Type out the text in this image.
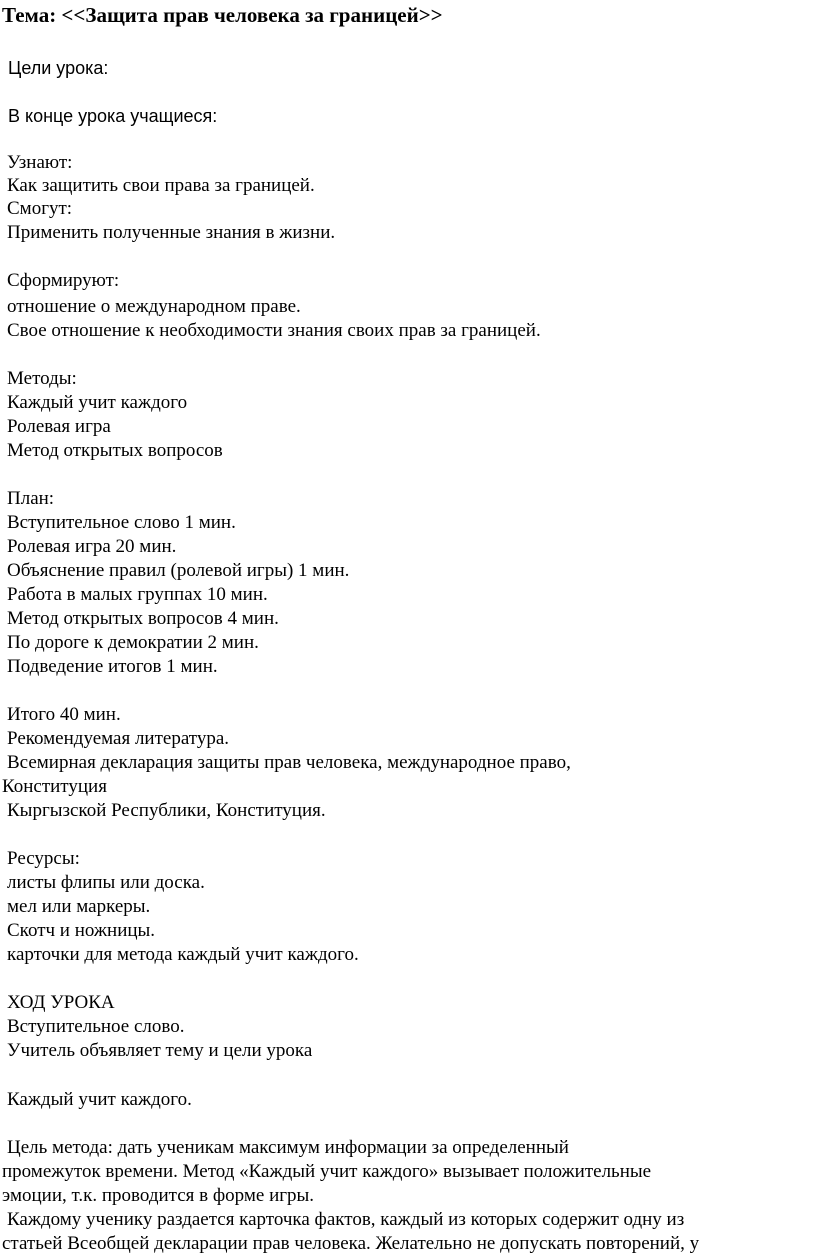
Тема: <<Защита прав человека за границей>>
Цели урока:
В конце урока учащиеся:
Узнают:
Как защитить свои права за границей.
Смогут:
Применить полученные знания в жизни.
Сформируют:
отношение о международном праве.
Свое отношение к необходимости знания своих прав за границей.
Методы:
Каждый учит каждого
Ролевая игра
Метод открытых вопросов
План:
Вступительное слово 1 мин.
Ролевая игра 20 мин.
Объяснение правил (ролевой игры) 1 мин.
Работа в малых группах 10 мин.
Метод открытых вопросов 4 мин.
По дороге к демократии 2 мин.
Подведение итогов 1 мин.
Итого 40 мин.
Рекомендуемая литература.
Всемирная декларация защиты прав человека, международное право,
Конституция
Кыргызской Республики, Конституция.
Ресурсы:
листы флипы или доска.
мел или маркеры.
Скотч и ножницы.
карточки для метода каждый учит каждого.
ХОД УРОКА
Вступительное слово.
Учитель объявляет тему и цели урока
Каждый учит каждого.
Цель метода: дать ученикам максимум информации за определенный
промежуток времени. Метод «Каждый учит каждого» вызывает положительные
эмоции, т.к. проводится в форме игры.
Каждому ученику раздается карточка фактов, каждый из которых содержит одну из
статьей Всеобщей декларации прав человека. Желательно не допускать повторений, у
